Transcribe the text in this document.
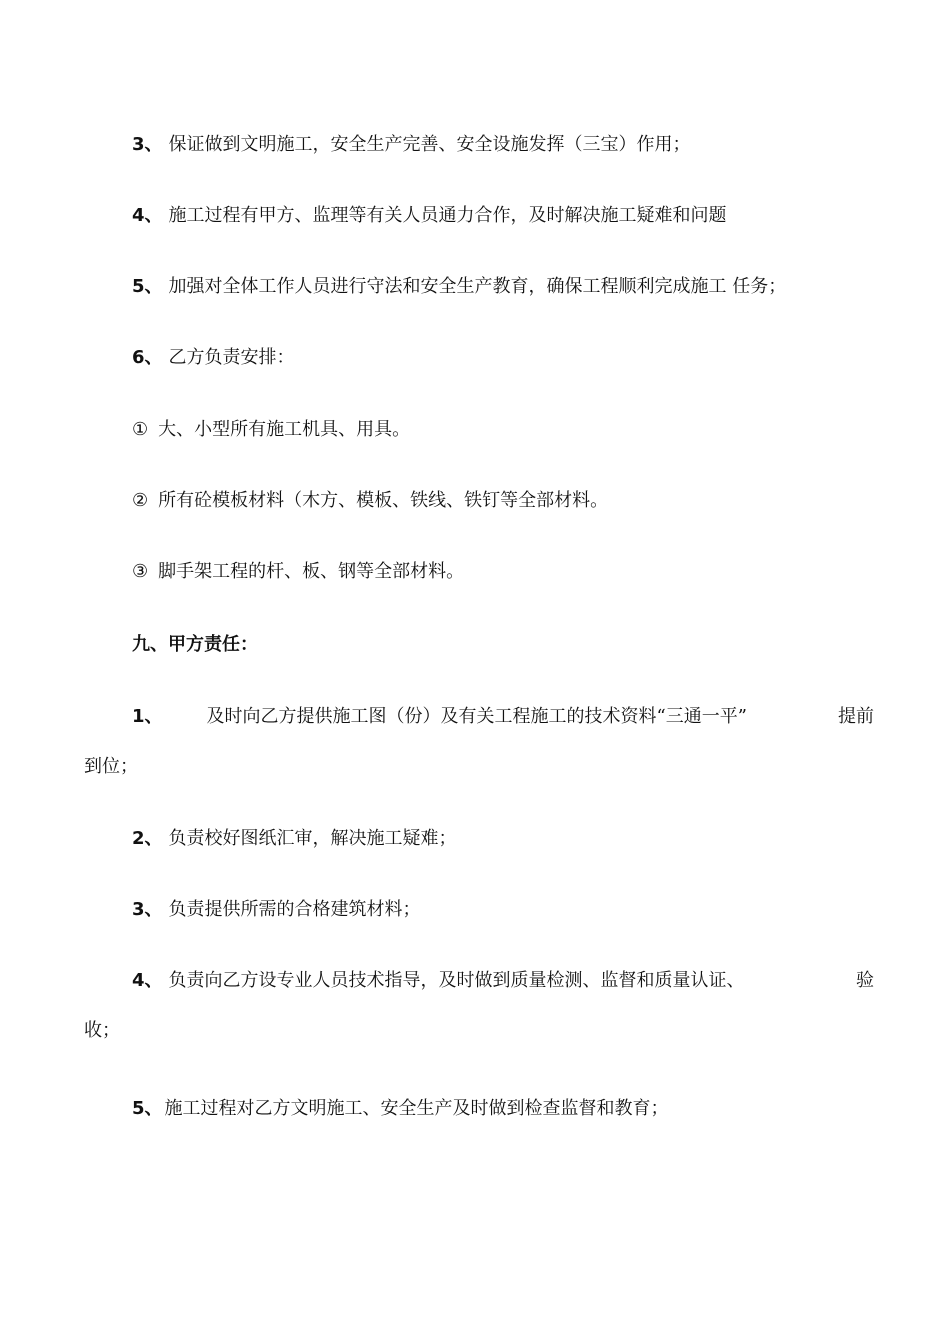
3、 保证做到文明施工，安全生产完善、安全设施发挥（三宝）作用；
4、 施工过程有甲方、监理等有关人员通力合作，及时解决施工疑难和问题
5、 加强对全体工作人员进行守法和安全生产教育，确保工程顺利完成施工 任务；
6、 乙方负责安排：
① 大、小型所有施工机具、用具。
② 所有砼模板材料（木方、模板、铁线、铁钉等全部材料。
③ 脚手架工程的杆、板、钢等全部材料。
九、甲方责任：
1、 及时向乙方提供施工图（份）及有关工程施工的技术资料“三通一平”	提前
到位；
2、 负责校好图纸汇审，解决施工疑难；
3、 负责提供所需的合格建筑材料；
4、 负责向乙方设专业人员技术指导，及时做到质量检测、监督和质量认证、	验
收；
5、 施工过程对乙方文明施工、安全生产及时做到检查监督和教育；
